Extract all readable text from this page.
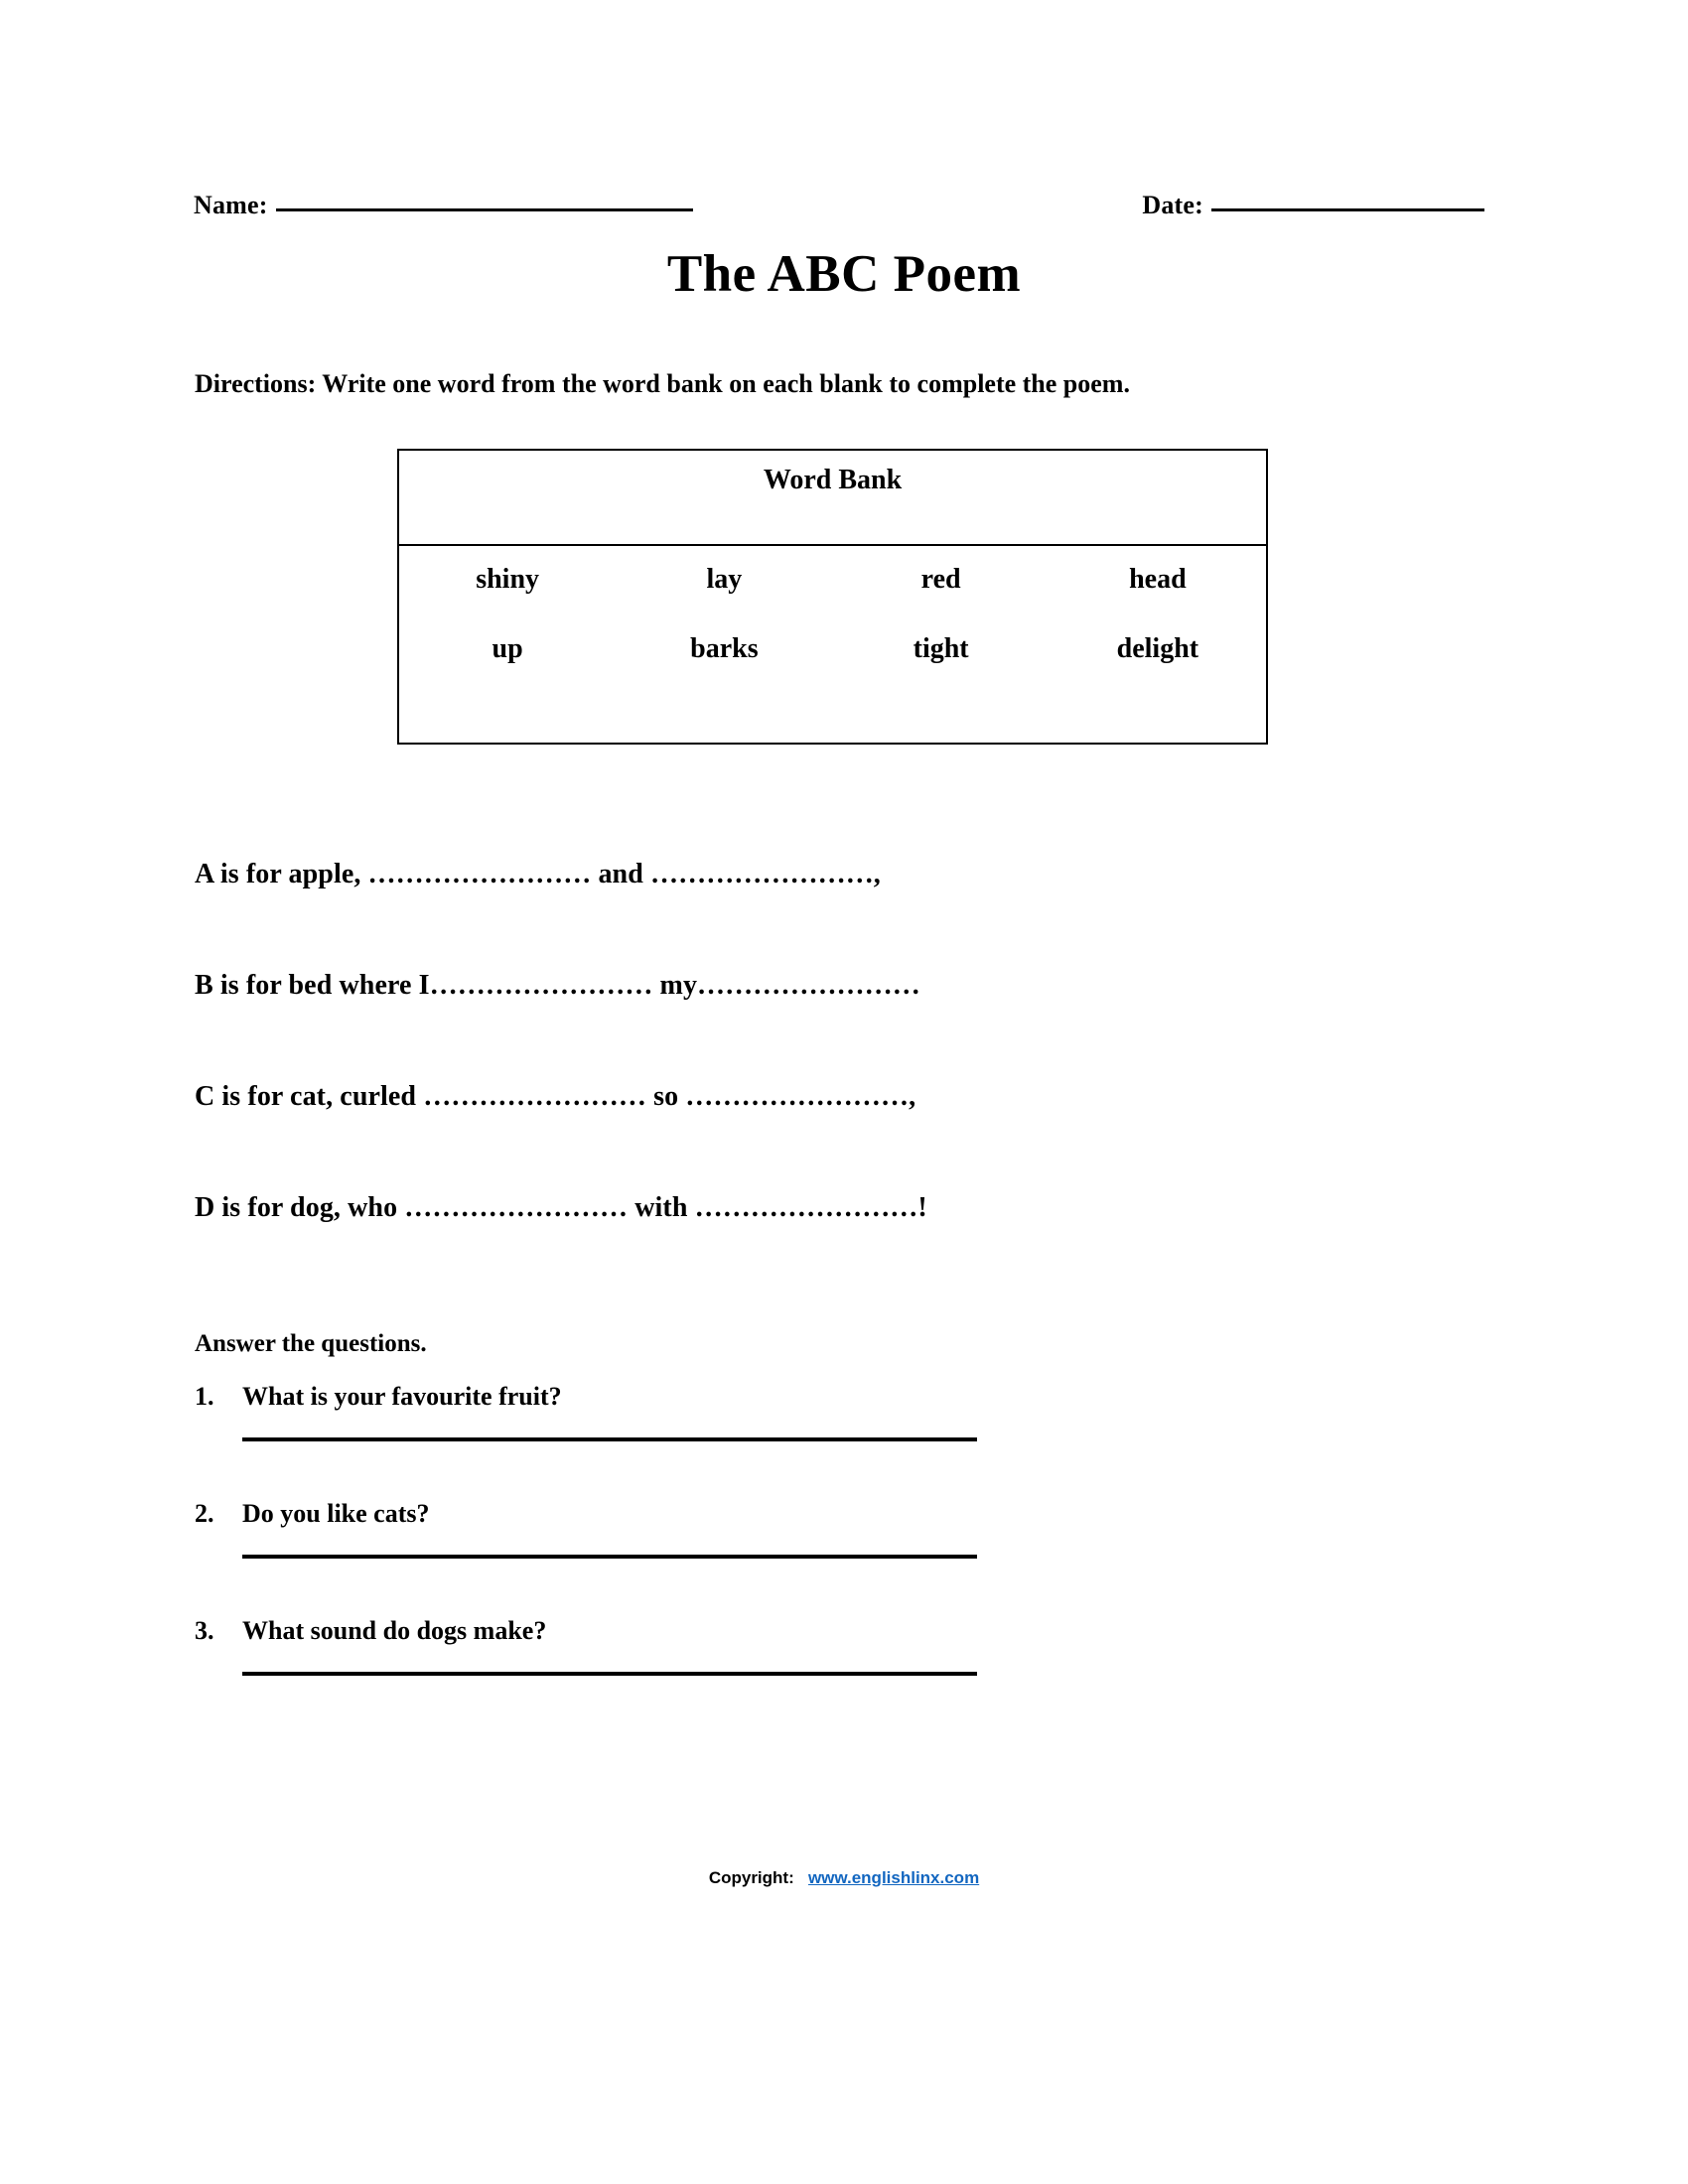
Name:	Date:
The ABC Poem
Directions: Write one word from the word bank on each blank to complete the poem.
Word Bank
shiny	lay	red	head
up	barks	tight	delight
A is for apple, …………………… and ……………………,
B is for bed where I…………………… my……………………
C is for cat, curled …………………… so ……………………,
D is for dog, who …………………… with ……………………!
Answer the questions.
1. What is your favourite fruit?
2. Do you like cats?
3. What sound do dogs make?
Copyright: www.englishlinx.com
